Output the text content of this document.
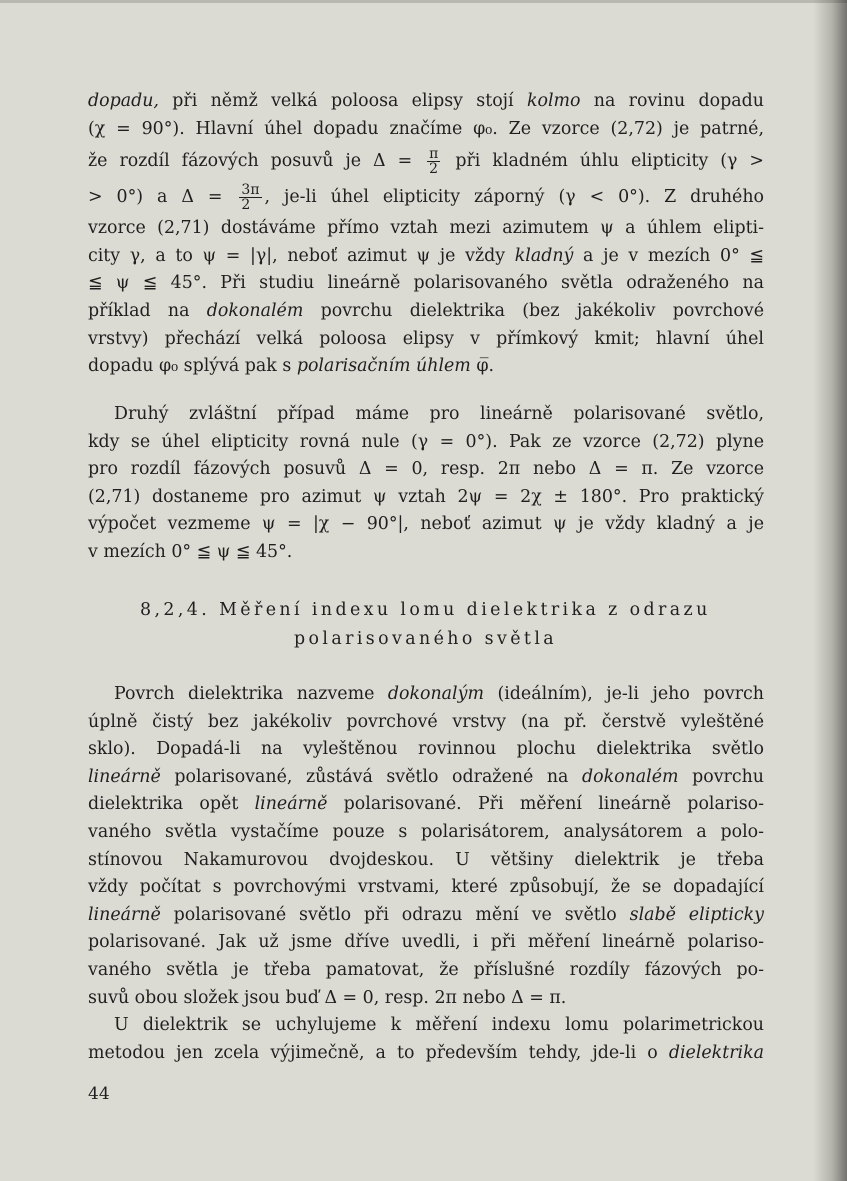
dopadu, při němž velká poloosa elipsy stojí kolmo na rovinu dopadu
(χ = 90°). Hlavní úhel dopadu značíme φ₀. Ze vzorce (2,72) je patrné,
že rozdíl fázových posuvů je $\Delta = \frac{\pi}{2}$ při kladném úhlu elipticity (γ >
> 0°) a $\Delta = \frac{3\pi}{2}$ , je-li úhel elipticity záporný (γ < 0°). Z druhého
vzorce (2,71) dostáváme přímo vztah mezi azimutem ψ a úhlem elipti-
city γ, a to ψ = |γ|, neboť azimut ψ je vždy kladný a je v mezích 0° ≦
≦ ψ ≦ 45°. Při studiu lineárně polarisovaného světla odraženého na
příklad na dokonalém povrchu dielektrika (bez jakékoliv povrchové
vrstvy) přechází velká poloosa elipsy v přímkový kmit; hlavní úhel
dopadu φ₀ splývá pak s polarisačním úhlem φ̅.
Druhý zvláštní případ máme pro lineárně polarisované světlo,
kdy se úhel elipticity rovná nule (γ = 0°). Pak ze vzorce (2,72) plyne
pro rozdíl fázových posuvů Δ = 0, resp. 2π nebo Δ = π. Ze vzorce
(2,71) dostaneme pro azimut ψ vztah 2ψ = 2χ ± 180°. Pro praktický
výpočet vezmeme ψ = |χ − 90°|, neboť azimut ψ je vždy kladný a je
v mezích 0° ≦ ψ ≦ 45°.
8,2,4. Měření indexu lomu dielektrika z odrazu
polarisovaného světla
Povrch dielektrika nazveme dokonalým (ideálním), je-li jeho povrch
úplně čistý bez jakékoliv povrchové vrstvy (na př. čerstvě vyleštěné
sklo). Dopadá-li na vyleštěnou rovinnou plochu dielektrika světlo
lineárně polarisované, zůstává světlo odražené na dokonalém povrchu
dielektrika opět lineárně polarisované. Při měření lineárně polariso-
vaného světla vystačíme pouze s polarisátorem, analysátorem a polo-
stínovou Nakamurovou dvojdeskou. U většiny dielektrik je třeba
vždy počítat s povrchovými vrstvami, které způsobují, že se dopadající
lineárně polarisované světlo při odrazu mění ve světlo slabě elipticky
polarisované. Jak už jsme dříve uvedli, i při měření lineárně polariso-
vaného světla je třeba pamatovat, že příslušné rozdíly fázových po-
suvů obou složek jsou buď Δ = 0, resp. 2π nebo Δ = π.
U dielektrik se uchylujeme k měření indexu lomu polarimetrickou
metodou jen zcela výjimečně, a to především tehdy, jde-li o dielektrika
44
